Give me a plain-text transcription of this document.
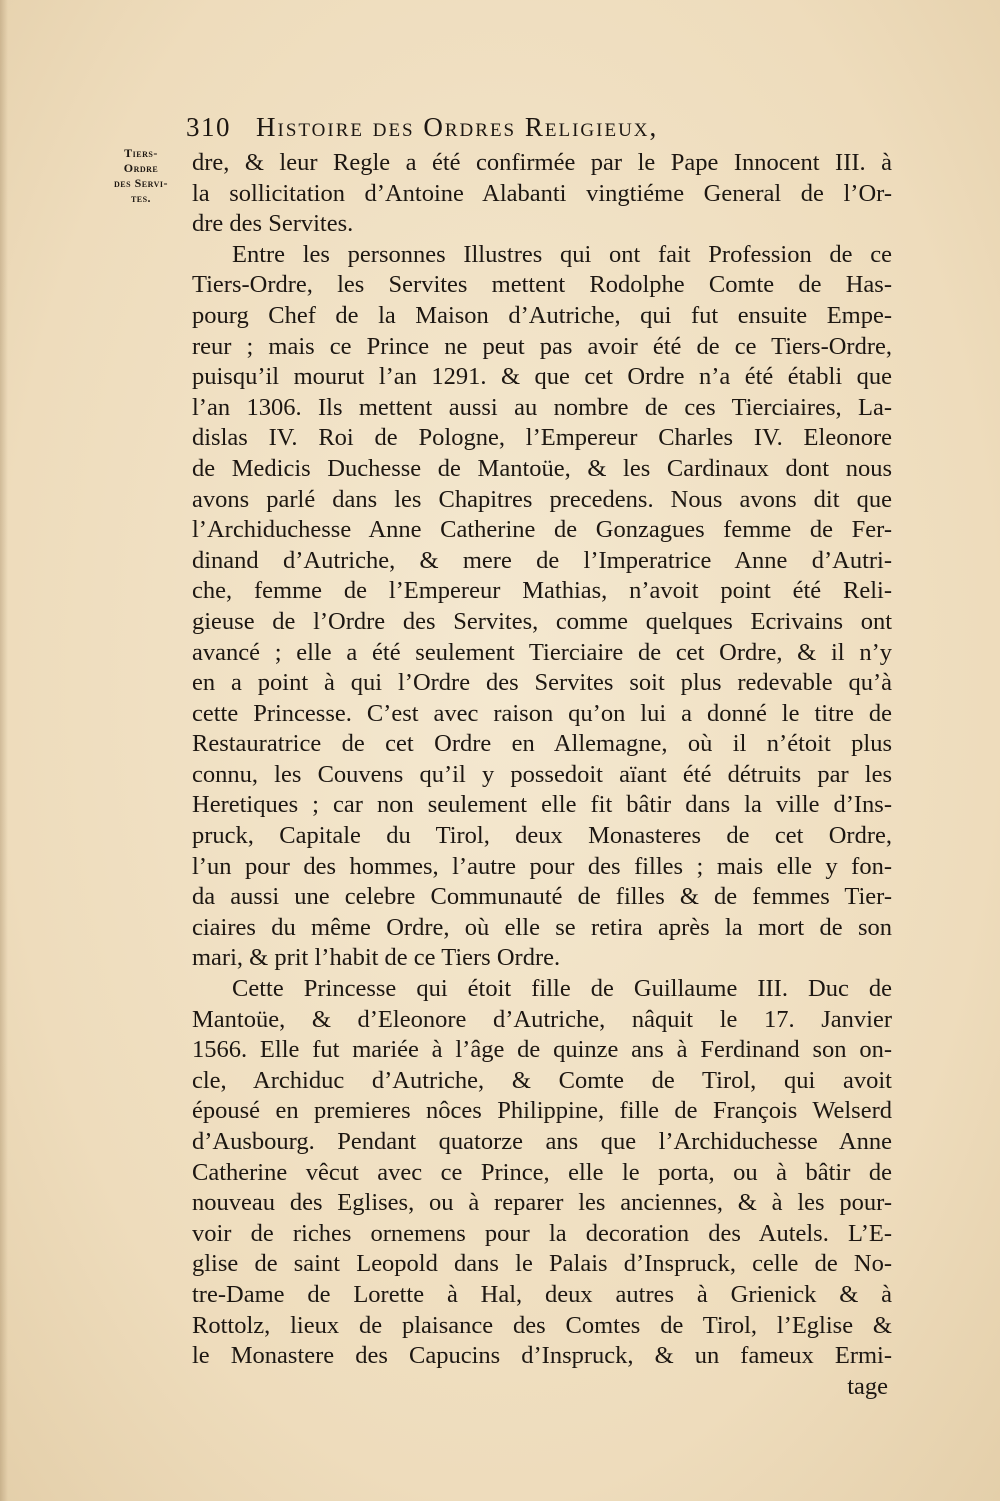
310 Histoire des Ordres Religieux,
Tiers-
Ordre
des Servi-
tes.
dre, & leur Regle a été confirmée par le Pape Innocent III. à
la sollicitation d’Antoine Alabanti vingtiéme General de l’Or-
dre des Servites.
Entre les personnes Illustres qui ont fait Profession de ce
Tiers-Ordre, les Servites mettent Rodolphe Comte de Has-
pourg Chef de la Maison d’Autriche, qui fut ensuite Empe-
reur ; mais ce Prince ne peut pas avoir été de ce Tiers-Ordre,
puisqu’il mourut l’an 1291. & que cet Ordre n’a été établi que
l’an 1306. Ils mettent aussi au nombre de ces Tierciaires, La-
dislas IV. Roi de Pologne, l’Empereur Charles IV. Eleonore
de Medicis Duchesse de Mantoüe, & les Cardinaux dont nous
avons parlé dans les Chapitres precedens. Nous avons dit que
l’Archiduchesse Anne Catherine de Gonzagues femme de Fer-
dinand d’Autriche, & mere de l’Imperatrice Anne d’Autri-
che, femme de l’Empereur Mathias, n’avoit point été Reli-
gieuse de l’Ordre des Servites, comme quelques Ecrivains ont
avancé ; elle a été seulement Tierciaire de cet Ordre, & il n’y
en a point à qui l’Ordre des Servites soit plus redevable qu’à
cette Princesse. C’est avec raison qu’on lui a donné le titre de
Restauratrice de cet Ordre en Allemagne, où il n’étoit plus
connu, les Couvens qu’il y possedoit aïant été détruits par les
Heretiques ; car non seulement elle fit bâtir dans la ville d’Ins-
pruck, Capitale du Tirol, deux Monasteres de cet Ordre,
l’un pour des hommes, l’autre pour des filles ; mais elle y fon-
da aussi une celebre Communauté de filles & de femmes Tier-
ciaires du même Ordre, où elle se retira après la mort de son
mari, & prit l’habit de ce Tiers Ordre.
Cette Princesse qui étoit fille de Guillaume III. Duc de
Mantoüe, & d’Eleonore d’Autriche, nâquit le 17. Janvier
1566. Elle fut mariée à l’âge de quinze ans à Ferdinand son on-
cle, Archiduc d’Autriche, & Comte de Tirol, qui avoit
épousé en premieres nôces Philippine, fille de François Welserd
d’Ausbourg. Pendant quatorze ans que l’Archiduchesse Anne
Catherine vêcut avec ce Prince, elle le porta, ou à bâtir de
nouveau des Eglises, ou à reparer les anciennes, & à les pour-
voir de riches ornemens pour la decoration des Autels. L’E-
glise de saint Leopold dans le Palais d’Inspruck, celle de No-
tre-Dame de Lorette à Hal, deux autres à Grienick & à
Rottolz, lieux de plaisance des Comtes de Tirol, l’Eglise &
le Monastere des Capucins d’Inspruck, & un fameux Ermi-
tage
